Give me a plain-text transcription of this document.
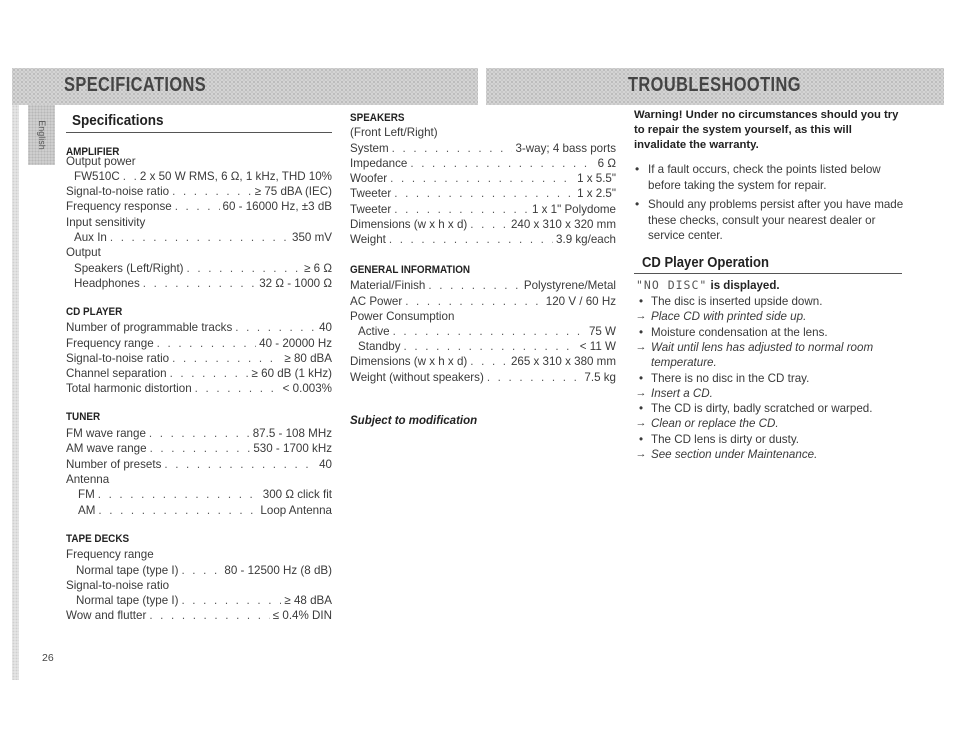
SPECIFICATIONS	TROUBLESHOOTING
English Specifications
AMPLIFIER
Output power
FW510C . . . 2 x 50 W RMS, 6 Ω, 1 kHz, THD 10%
Signal-to-noise ratio . . .	≥ 75 dBA (IEC)
Frequency response . . .	60 - 16000 Hz, ±3 dB
Input sensitivity
Aux In . . .	350 mV
Output
Speakers (Left/Right) . . .	≥ 6 Ω
Headphones . . .	32 Ω - 1000 Ω
CD PLAYER
Number of programmable tracks . . .	40
Frequency range . . .	40 - 20000 Hz
Signal-to-noise ratio . . .	≥ 80 dBA
Channel separation . . .	≥ 60 dB (1 kHz)
Total harmonic distortion . . .	< 0.003%
TUNER
FM wave range . . .	87.5 - 108 MHz
AM wave range . . .	530 - 1700 kHz
Number of presets . . .	40
Antenna
FM . . .	300 Ω click fit
AM . . .	Loop Antenna
TAPE DECKS
Frequency range
Normal tape (type I) . . .	80 - 12500 Hz (8 dB)
Signal-to-noise ratio
Normal tape (type I) . . .	≥ 48 dBA
Wow and flutter . . .	≤ 0.4% DIN
SPEAKERS
(Front Left/Right)
System . . .	3-way; 4 bass ports
Impedance . . .	6 Ω
Woofer . . .	1 x 5.5"
Tweeter . . .	1 x 2.5"
Tweeter . . .	1 x 1" Polydome
Dimensions (w x h x d) . . .	240 x 310 x 320 mm
Weight . . .	3.9 kg/each
GENERAL INFORMATION
Material/Finish . . .	Polystyrene/Metal
AC Power . . .	120 V / 60 Hz
Power Consumption
Active . . .	75 W
Standby . . .	< 11 W
Dimensions (w x h x d) . . .	265 x 310 x 380 mm
Weight (without speakers) . . .	7.5 kg
Subject to modification
Warning! Under no circumstances should you try to repair the system yourself, as this will invalidate the warranty.
• If a fault occurs, check the points listed below before taking the system for repair.
• Should any problems persist after you have made these checks, consult your nearest dealer or service center.
CD Player Operation
"NO DISC" is displayed.
• The disc is inserted upside down.
→ Place CD with printed side up.
• Moisture condensation at the lens.
→ Wait until lens has adjusted to normal room
temperature.
• There is no disc in the CD tray.
→ Insert a CD.
• The CD is dirty, badly scratched or warped.
→ Clean or replace the CD.
• The CD lens is dirty or dusty.
→ See section under Maintenance.
26
